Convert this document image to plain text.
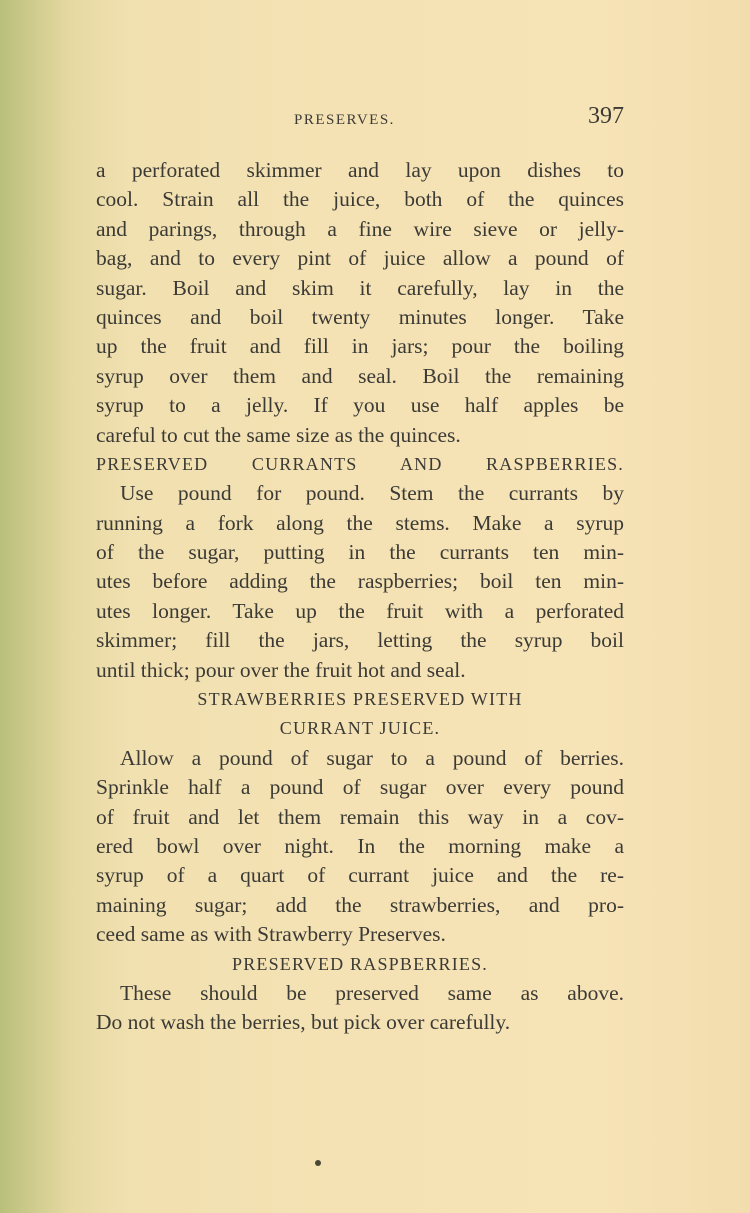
PRESERVES.	397
a perforated skimmer and lay upon dishes to
cool. Strain all the juice, both of the quinces
and parings, through a fine wire sieve or jelly-
bag, and to every pint of juice allow a pound of
sugar. Boil and skim it carefully, lay in the
quinces and boil twenty minutes longer. Take
up the fruit and fill in jars; pour the boiling
syrup over them and seal. Boil the remaining
syrup to a jelly. If you use half apples be
careful to cut the same size as the quinces.
PRESERVED CURRANTS AND RASPBERRIES.
Use pound for pound. Stem the currants by
running a fork along the stems. Make a syrup
of the sugar, putting in the currants ten min-
utes before adding the raspberries; boil ten min-
utes longer. Take up the fruit with a perforated
skimmer; fill the jars, letting the syrup boil
until thick; pour over the fruit hot and seal.
STRAWBERRIES PRESERVED WITH
CURRANT JUICE.
Allow a pound of sugar to a pound of berries.
Sprinkle half a pound of sugar over every pound
of fruit and let them remain this way in a cov-
ered bowl over night. In the morning make a
syrup of a quart of currant juice and the re-
maining sugar; add the strawberries, and pro-
ceed same as with Strawberry Preserves.
PRESERVED RASPBERRIES.
These should be preserved same as above.
Do not wash the berries, but pick over carefully.
